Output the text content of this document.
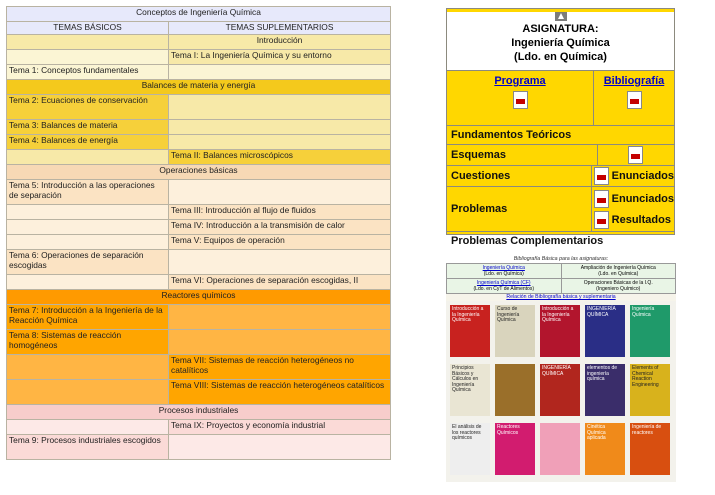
Conceptos de Ingeniería Química	
TEMAS BÁSICOS	TEMAS SUPLEMENTARIOS
	Introducción
	Tema I: La Ingeniería Química y su entorno
Tema 1: Conceptos fundamentales	
Balances de materia y energía	
Tema 2: Ecuaciones de conservación	
Tema 3: Balances de materia	
Tema 4: Balances de energía	
	Tema II: Balances microscópicos
Operaciones básicas	
Tema 5: Introducción a las operaciones de separación	
	Tema III: Introducción al flujo de fluidos
	Tema IV: Introducción a la transmisión de calor
	Tema V: Equipos de operación
Tema 6: Operaciones de separación escogidas	
	Tema VI: Operaciones de separación escogidas, II
Reactores químicos	
Tema 7: Introducción a la Ingeniería de la Reacción Química	
Tema 8: Sistemas de reacción homogéneos	
	Tema VII: Sistemas de reacción heterogéneos no catalíticos
	Tema VIII: Sistemas de reacción heterogéneos catalíticos
Procesos industriales	
	Tema IX: Proyectos y economía industrial
Tema 9: Procesos industriales escogidos	
ASIGNATURA:
Ingeniería Química
(Ldo. en Química)
Programa	Bibliografía

Fundamentos Teóricos
Esquemas
Cuestiones	Enunciados
Problemas
Enunciados
Resultados
Problemas Complementarios
Bibliografía Básica para las asignaturas:
Ingeniería Química
(Ldo. en Química)	Ampliación de Ingeniería Química
(Ldo. en Química)
Ingeniería Química (CF)
(Ldo. en CyT de Alimentos)	Operaciones Básicas de la I.Q.
(Ingeniero Químico)
Relación de Bibliografía básica y suplementaria
Introducción a la Ingeniería Química
Curso de Ingeniería Química
Introducción a la Ingeniería Química
INGENIERÍA QUÍMICA
Ingeniería Química
Principios Básicos y Cálculos en Ingeniería Química
INGENIERÍA QUÍMICA
elementos de ingeniería química
Elements of Chemical Reaction Engineering
El análisis de los reactores químicos
Reactores Químicos
Cinética Química aplicada
Ingeniería de reactores
